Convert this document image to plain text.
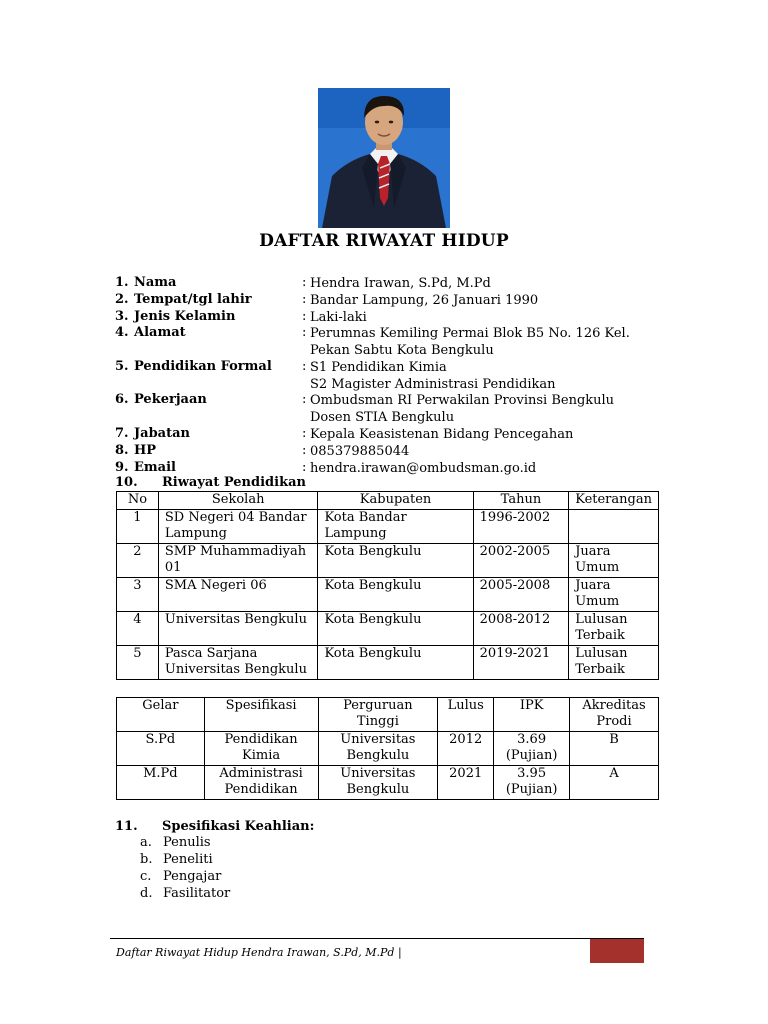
DAFTAR RIWAYAT HIDUP
1. Nama	: Hendra Irawan, S.Pd, M.Pd
2. Tempat/tgl lahir	: Bandar Lampung, 26 Januari 1990
3. Jenis Kelamin	: Laki-laki
4. Alamat	: Perumnas Kemiling Permai Blok B5 No. 126 Kel.
Pekan Sabtu Kota Bengkulu
5. Pendidikan Formal : S1 Pendidikan Kimia
S2 Magister Administrasi Pendidikan
6. Pekerjaan	: Ombudsman RI Perwakilan Provinsi Bengkulu
Dosen STIA Bengkulu
7. Jabatan	: Kepala Keasistenan Bidang Pencegahan
8. HP	: 085379885044
9. Email	: hendra.irawan@ombudsman.go.id
10. Riwayat Pendidikan
No	Sekolah	Kabupaten	Tahun	Keterangan
1	SD Negeri 04 Bandar Lampung	Kota Bandar Lampung	1996-2002	
2	SMP Muhammadiyah 01	Kota Bengkulu	2002-2005	Juara Umum
3	SMA Negeri 06	Kota Bengkulu	2005-2008	Juara Umum
4	Universitas Bengkulu	Kota Bengkulu	2008-2012	Lulusan Terbaik
5	Pasca Sarjana Universitas Bengkulu	Kota Bengkulu	2019-2021	Lulusan Terbaik
Gelar	Spesifikasi	Perguruan Tinggi	Lulus	IPK	Akreditas Prodi
S.Pd	Pendidikan Kimia	Universitas Bengkulu	2012	3.69 (Pujian)	B
M.Pd	Administrasi Pendidikan	Universitas Bengkulu	2021	3.95 (Pujian)	A
11. Spesifikasi Keahlian:
a. Penulis
b. Peneliti
c. Pengajar
d. Fasilitator
Daftar Riwayat Hidup Hendra Irawan, S.Pd, M.Pd |
